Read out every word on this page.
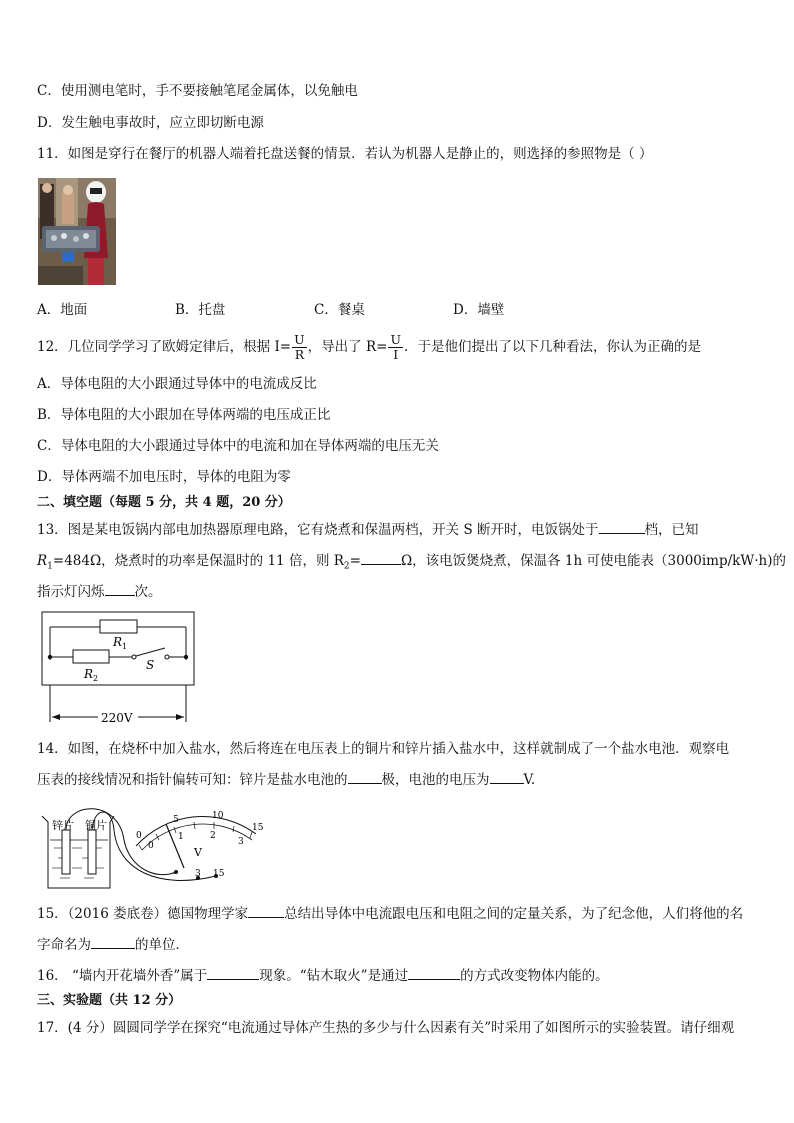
C．使用测电笔时，手不要接触笔尾金属体，以免触电
D．发生触电事故时，应立即切断电源
11．如图是穿行在餐厅的机器人端着托盘送餐的情景．若认为机器人是静止的，则选择的参照物是（ ）
A．地面	B．托盘	C．餐桌	D．墙壁
12．几位同学学习了欧姆定律后，根据 $I= \frac{U}{R}$ ，导出了 $R= \frac{U}{I}$ ．于是他们提出了以下几种看法，你认为正确的是
A．导体电阻的大小跟通过导体中的电流成反比
B．导体电阻的大小跟加在导体两端的电压成正比
C．导体电阻的大小跟通过导体中的电流和加在导体两端的电压无关
D．导体两端不加电压时，导体的电阻为零
二、填空题（每题 5 分，共 4 题，20 分）
13．图是某电饭锅内部电加热器原理电路，它有烧煮和保温两档，开关 S 断开时，电饭锅处于	档，已知
$R_1=484\Omega$，烧煮时的功率是保温时的 11 倍，则 $R_2=$	Ω，该电饭煲烧煮，保温各 1h 可使电能表（3000imp/kW·h)的
指示灯闪烁 次。
R 1
S
R 2
220V
14．如图，在烧杯中加入盐水，然后将连在电压表上的铜片和锌片插入盐水中，这样就制成了一个盐水电池．观察电
压表的接线情况和指针偏转可知：锌片是盐水电池的	极，电池的电压为	V.
锌片 铜片
0
1	2
3
0
5	10
15
V
- 3 15
15．（2016 娄底卷）德国物理学家	总结出导体中电流跟电压和电阻之间的定量关系，为了纪念他，人们将他的名
字命名为	的单位．
16． “墙内开花墙外香”属于	现象。“钻木取火”是通过	的方式改变物体内能的。
三、实验题（共 12 分）
17．(4 分）圆圆同学学在探究“电流通过导体产生热的多少与什么因素有关”时采用了如图所示的实验装置。请仔细观
